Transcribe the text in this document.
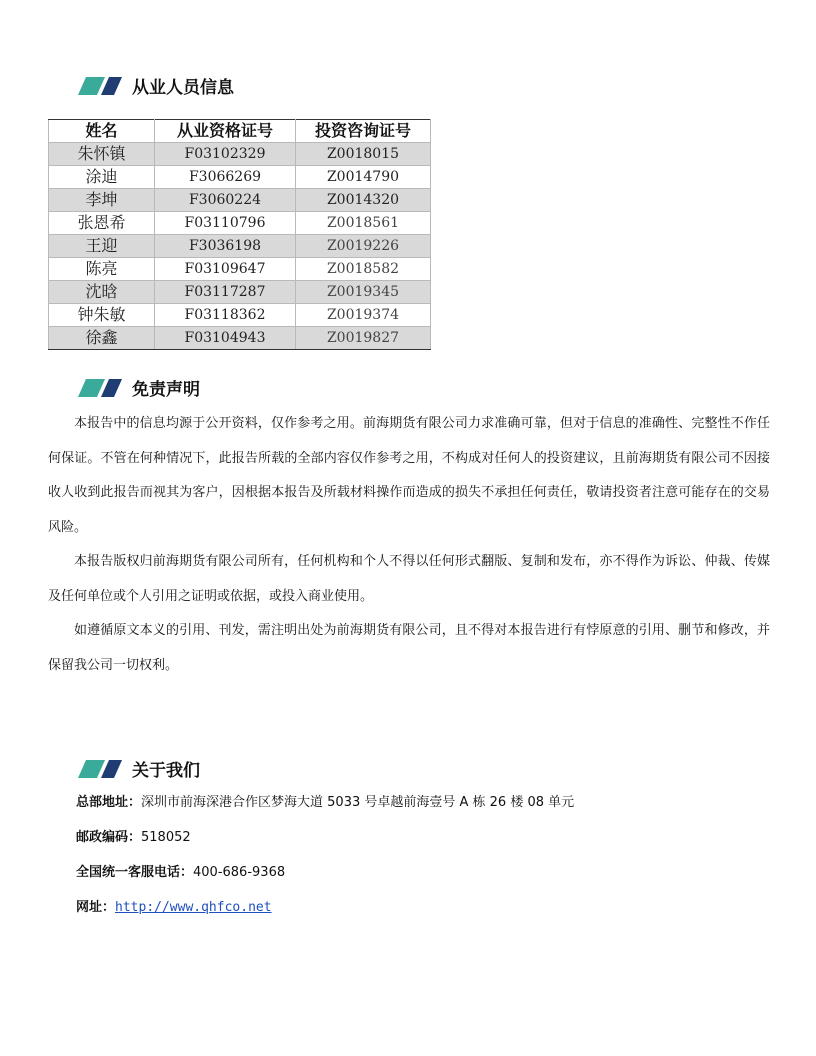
从业人员信息
姓名	从业资格证号	投资咨询证号
朱怀镇	F03102329	Z0018015
涂迪	F3066269	Z0014790
李坤	F3060224	Z0014320
张恩希	F03110796	Z0018561
王迎	F3036198	Z0019226
陈亮	F03109647	Z0018582
沈晗	F03117287	Z0019345
钟朱敏	F03118362	Z0019374
徐鑫	F03104943	Z0019827
免责声明

本报告中的信息均源于公开资料，仅作参考之用。前海期货有限公司力求准确可靠，但对于信息的准确性、完整性不作任何保证。不管在何种情况下，此报告所载的全部内容仅作参考之用，不构成对任何人的投资建议，且前海期货有限公司不因接收人收到此报告而视其为客户，因根据本报告及所载材料操作而造成的损失不承担任何责任，敬请投资者注意可能存在的交易风险。

本报告版权归前海期货有限公司所有，任何机构和个人不得以任何形式翻版、复制和发布，亦不得作为诉讼、仲裁、传媒及任何单位或个人引用之证明或依据，或投入商业使用。

如遵循原文本义的引用、刊发，需注明出处为前海期货有限公司，且不得对本报告进行有悖原意的引用、删节和修改，并保留我公司一切权利。

关于我们
总部地址：深圳市前海深港合作区梦海大道 5033 号卓越前海壹号 A 栋 26 楼 08 单元
邮政编码：518052
全国统一客服电话：400-686-9368
网址：http://www.qhfco.net
